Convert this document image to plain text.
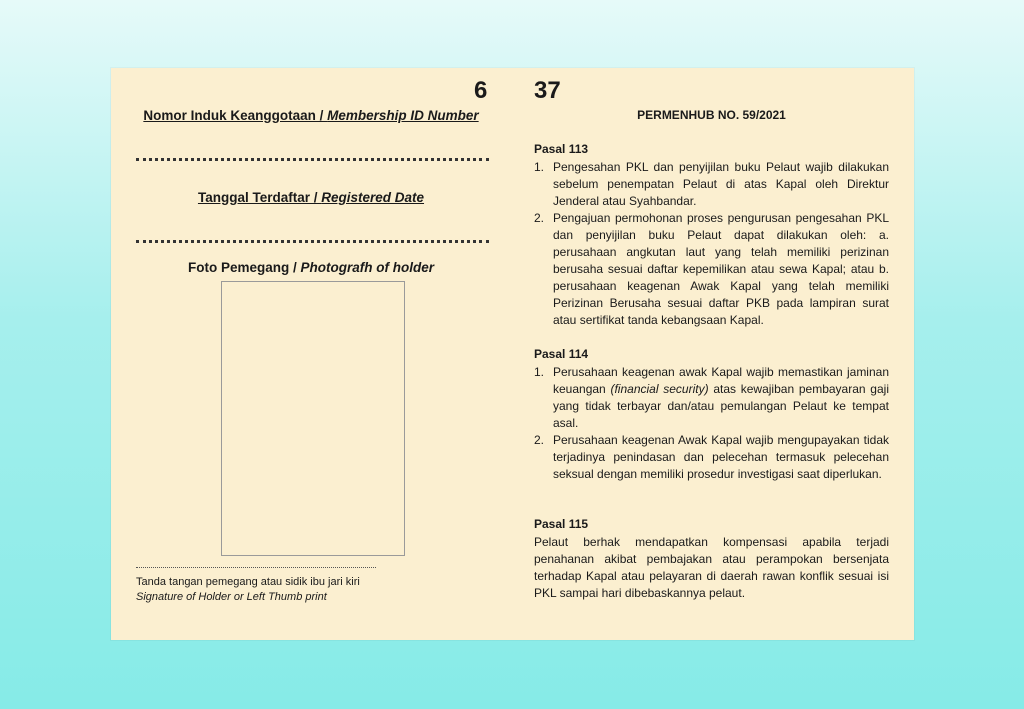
6
Nomor Induk Keanggotaan / Membership ID Number
Tanggal Terdaftar / Registered Date
Foto Pemegang / Photografh of holder
Tanda tangan pemegang atau sidik ibu jari kiri
Signature of Holder or Left Thumb print
37
PERMENHUB NO. 59/2021
Pasal 113
1. Pengesahan PKL dan penyijilan buku Pelaut wajib dilakukan sebelum penempatan Pelaut di atas Kapal oleh Direktur Jenderal atau Syahbandar.
2. Pengajuan permohonan proses pengurusan pengesahan PKL dan penyijilan buku Pelaut dapat dilakukan oleh: a. perusahaan angkutan laut yang telah memiliki perizinan berusaha sesuai daftar kepemilikan atau sewa Kapal; atau b. perusahaan keagenan Awak Kapal yang telah memiliki Perizinan Berusaha sesuai daftar PKB pada lampiran surat atau sertifikat tanda kebangsaan Kapal.
Pasal 114
1. Perusahaan keagenan awak Kapal wajib memastikan jaminan keuangan (financial security) atas kewajiban pembayaran gaji yang tidak terbayar dan/atau pemulangan Pelaut ke tempat asal.
2. Perusahaan keagenan Awak Kapal wajib mengupayakan tidak terjadinya penindasan dan pelecehan termasuk pelecehan seksual dengan memiliki prosedur investigasi saat diperlukan.
Pasal 115

Pelaut berhak mendapatkan kompensasi apabila terjadi penahanan akibat pembajakan atau perampokan bersenjata terhadap Kapal atau pelayaran di daerah rawan konflik sesuai isi PKL sampai hari dibebaskannya pelaut.
